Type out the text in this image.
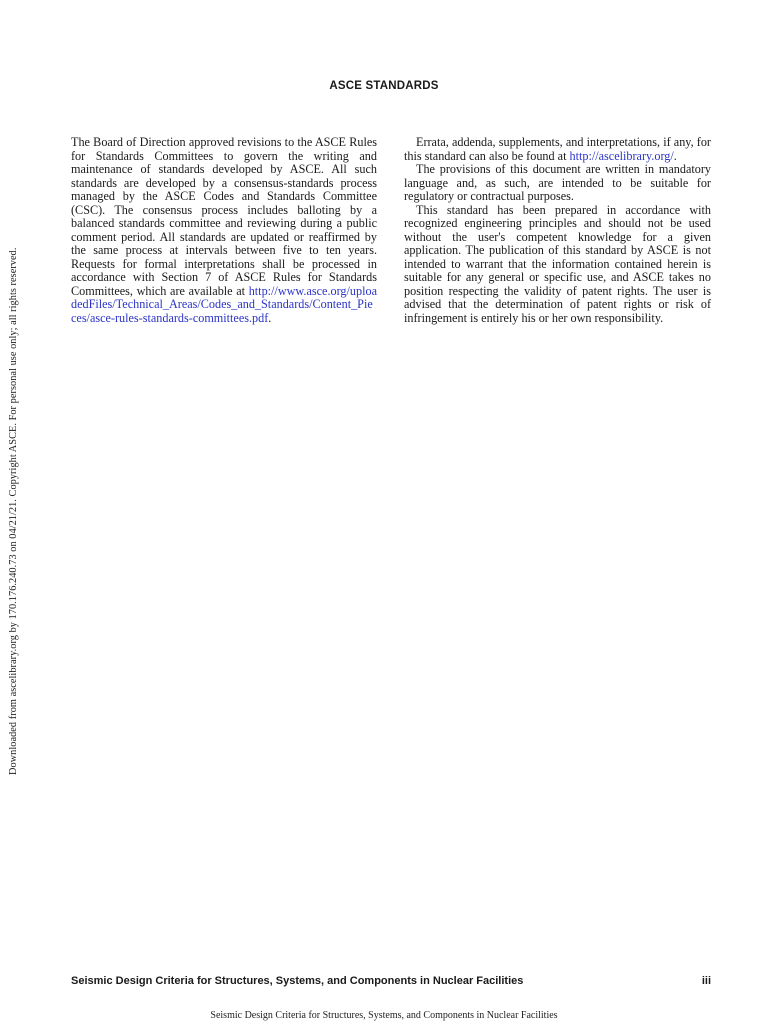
Downloaded from ascelibrary.org by 170.176.240.73 on 04/21/21. Copyright ASCE. For personal use only; all rights reserved.
ASCE STANDARDS

The Board of Direction approved revisions to the ASCE Rules for Standards Committees to govern the writing and maintenance of standards developed by ASCE. All such standards are developed by a consensus-standards process managed by the ASCE Codes and Standards Committee (CSC). The consensus process includes balloting by a balanced standards committee and reviewing during a public comment period. All standards are updated or reaffirmed by the same process at intervals between five to ten years. Requests for formal interpretations shall be processed in accordance with Section 7 of ASCE Rules for Standards Committees, which are available at http://www.asce.org/uploadedFiles/Technical_Areas/Codes_and_Standards/Content_Pieces/asce-rules-standards-committees.pdf.

Errata, addenda, supplements, and interpretations, if any, for this standard can also be found at http://ascelibrary.org/.

The provisions of this document are written in mandatory language and, as such, are intended to be suitable for regulatory or contractual purposes.

This standard has been prepared in accordance with recognized engineering principles and should not be used without the user's competent knowledge for a given application. The publication of this standard by ASCE is not intended to warrant that the information contained herein is suitable for any general or specific use, and ASCE takes no position respecting the validity of patent rights. The user is advised that the determination of patent rights or risk of infringement is entirely his or her own responsibility.

Seismic Design Criteria for Structures, Systems, and Components in Nuclear Facilities	iii
Seismic Design Criteria for Structures, Systems, and Components in Nuclear Facilities
